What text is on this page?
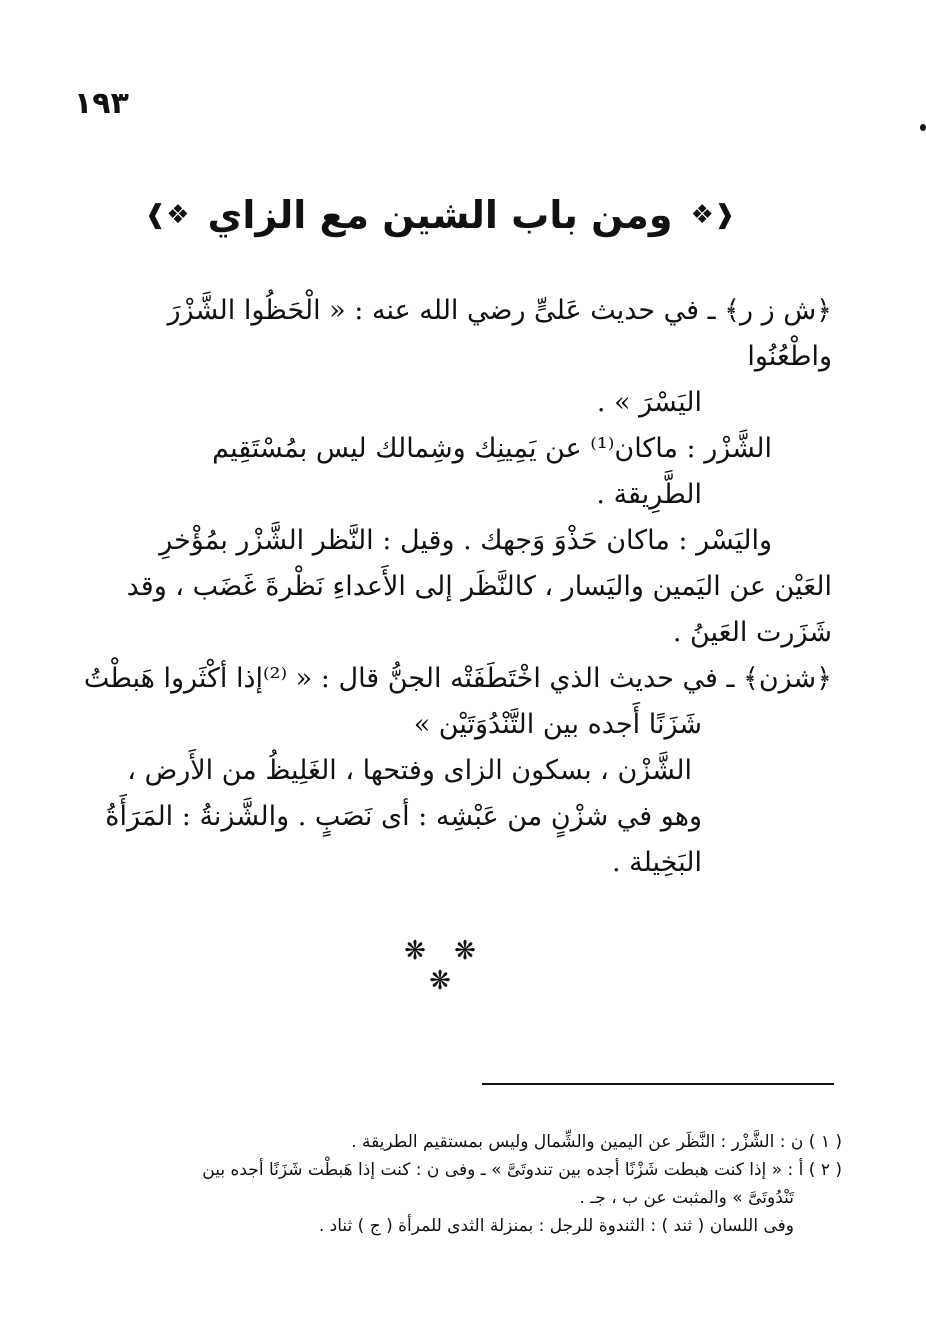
١٩٣
❰❖
ومن باب الشين مع الزاي
❖❱

﴿ش ز ر﴾ ـ في حديث عَلىٍّ رضي الله عنه : « الْحَظُوا الشَّزْرَ واطْعُنُوا

اليَسْرَ » .

الشَّزْر : ماكان⁽¹⁾ عن يَمِينِك وشِمالك ليس بمُسْتَقِيم

الطَّرِيقة .

واليَسْر : ماكان حَذْوَ وَجهك . وقيل : النَّظر الشَّزْر بمُؤْخرِ

العَيْن عن اليَمين واليَسار ، كالنَّظَر إلى الأَعداءِ نَظْرةَ غَضَب ، وقد

شَزَرت العَينُ .

﴿شزن﴾ ـ في حديث الذي اخْتَطَفَتْه الجنُّ قال : « ⁽²⁾إذا أكْثَروا هَبطْتُ

شَزَنًا أَجده بين التَّنْدُوَتَيْن »

الشَّزْن ، بسكون الزاى وفتحها ، الغَلِيظُ من الأَرض ،

وهو في شزْنٍ من عَبْشِه : أى نَصَبٍ . والشَّزنةُ : المَرَأَةُ البَخِيلة .

❋ ❋ ❋

( ١ ) ن : الشَّزْر : النَّظَر عن اليمين والشِّمال وليس بمستقيم الطريقة .

( ٢ ) أ : « إذا كنت هبطت شَزْنًا أجده بين تندوتَىَّ » ـ وفى ن : كنت إذا هَبطْت شَزَنًا أجده بين

تَنْدُوتَىَّ » والمثبت عن ب ، جـ .

وفى اللسان ( ثند ) : الثندوة للرجل : بمنزلة الثدى للمرأة ( ج ) ثناد .
